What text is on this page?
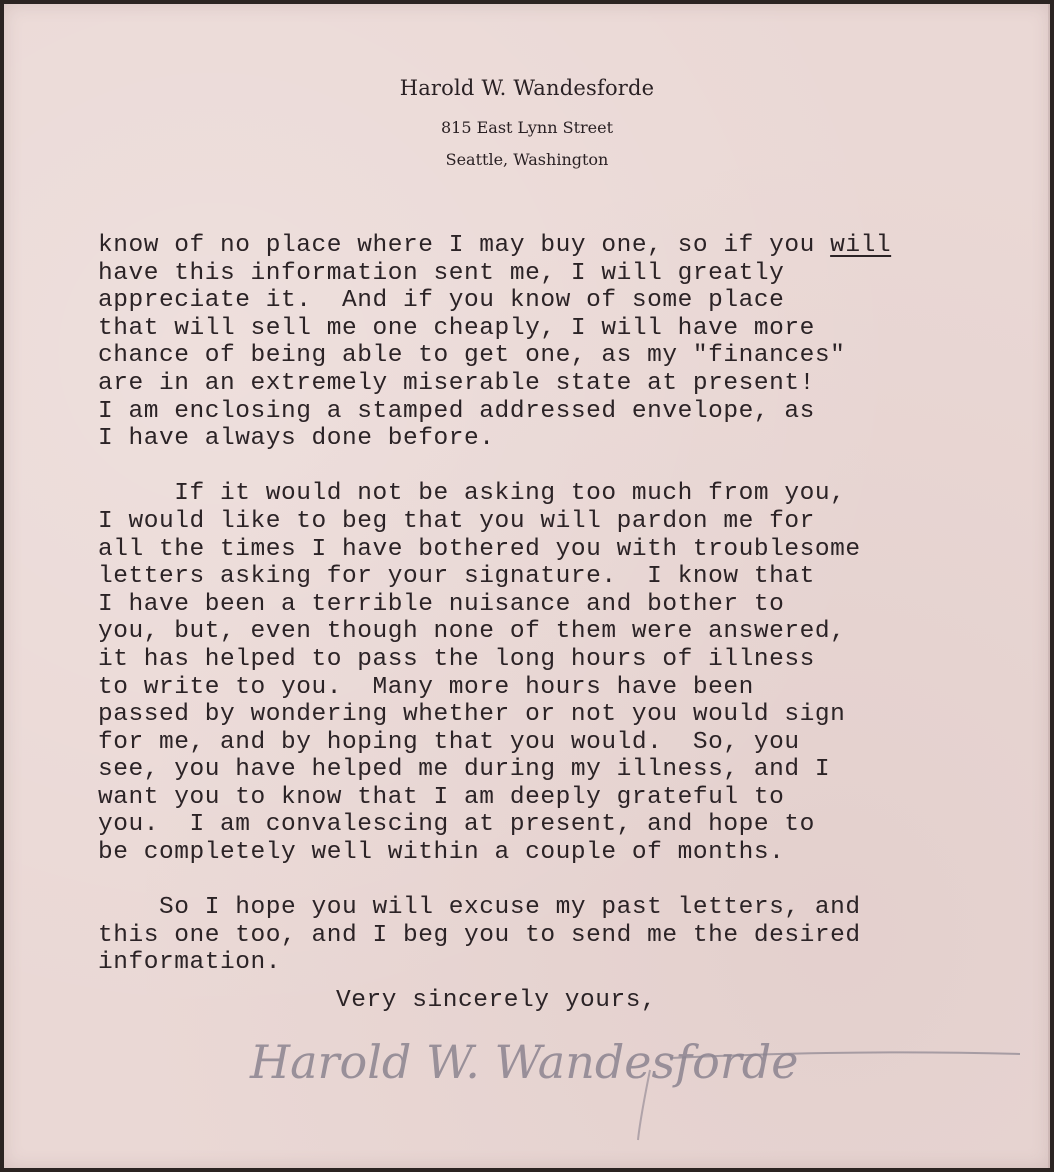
Harold W. Wandesforde
815 East Lynn Street
Seattle, Washington
know of no place where I may buy one, so if you will
have this information sent me, I will greatly
appreciate it.  And if you know of some place
that will sell me one cheaply, I will have more
chance of being able to get one, as my "finances"
are in an extremely miserable state at present!
I am enclosing a stamped addressed envelope, as
I have always done before.
If it would not be asking too much from you,
I would like to beg that you will pardon me for
all the times I have bothered you with troublesome
letters asking for your signature.  I know that
I have been a terrible nuisance and bother to
you, but, even though none of them were answered,
it has helped to pass the long hours of illness
to write to you.  Many more hours have been
passed by wondering whether or not you would sign
for me, and by hoping that you would.  So, you
see, you have helped me during my illness, and I
want you to know that I am deeply grateful to
you.  I am convalescing at present, and hope to
be completely well within a couple of months.
So I hope you will excuse my past letters, and
this one too, and I beg you to send me the desired
information.
Very sincerely yours,
Harold W. Wandesforde
